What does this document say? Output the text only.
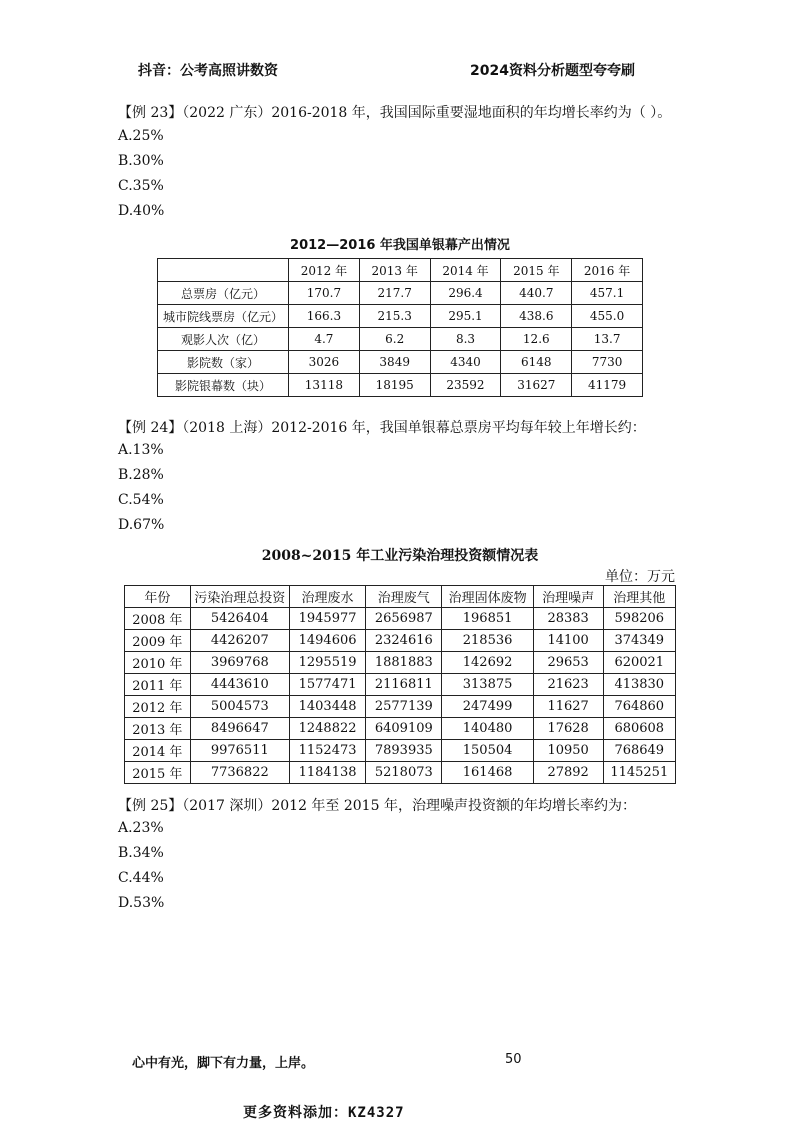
抖音：公考高照讲数资	2024资料分析题型夸夸刷
【例 23】（2022 广东）2016-2018 年，我国国际重要湿地面积的年均增长率约为（ ）。
A.25%
B.30%
C.35%
D.40%
2012—2016 年我国单银幕产出情况
	2012 年	2013 年	2014 年	2015 年	2016 年
总票房（亿元）	170.7	217.7	296.4	440.7	457.1
城市院线票房（亿元）	166.3	215.3	295.1	438.6	455.0
观影人次（亿）	4.7	6.2	8.3	12.6	13.7
影院数（家）	3026	3849	4340	6148	7730
影院银幕数（块）	13118	18195	23592	31627	41179
【例 24】（2018 上海）2012-2016 年，我国单银幕总票房平均每年较上年增长约：
A.13%
B.28%
C.54%
D.67%
2008~2015 年工业污染治理投资额情况表
单位：万元
年份	污染治理总投资	治理废水	治理废气	治理固体废物	治理噪声	治理其他
2008 年	5426404	1945977	2656987	196851	28383	598206
2009 年	4426207	1494606	2324616	218536	14100	374349
2010 年	3969768	1295519	1881883	142692	29653	620021
2011 年	4443610	1577471	2116811	313875	21623	413830
2012 年	5004573	1403448	2577139	247499	11627	764860
2013 年	8496647	1248822	6409109	140480	17628	680608
2014 年	9976511	1152473	7893935	150504	10950	768649
2015 年	7736822	1184138	5218073	161468	27892	1145251
【例 25】（2017 深圳）2012 年至 2015 年，治理噪声投资额的年均增长率约为：
A.23%
B.34%
C.44%
D.53%
心中有光，脚下有力量，上岸。	50
更多资料添加：KZ4327
